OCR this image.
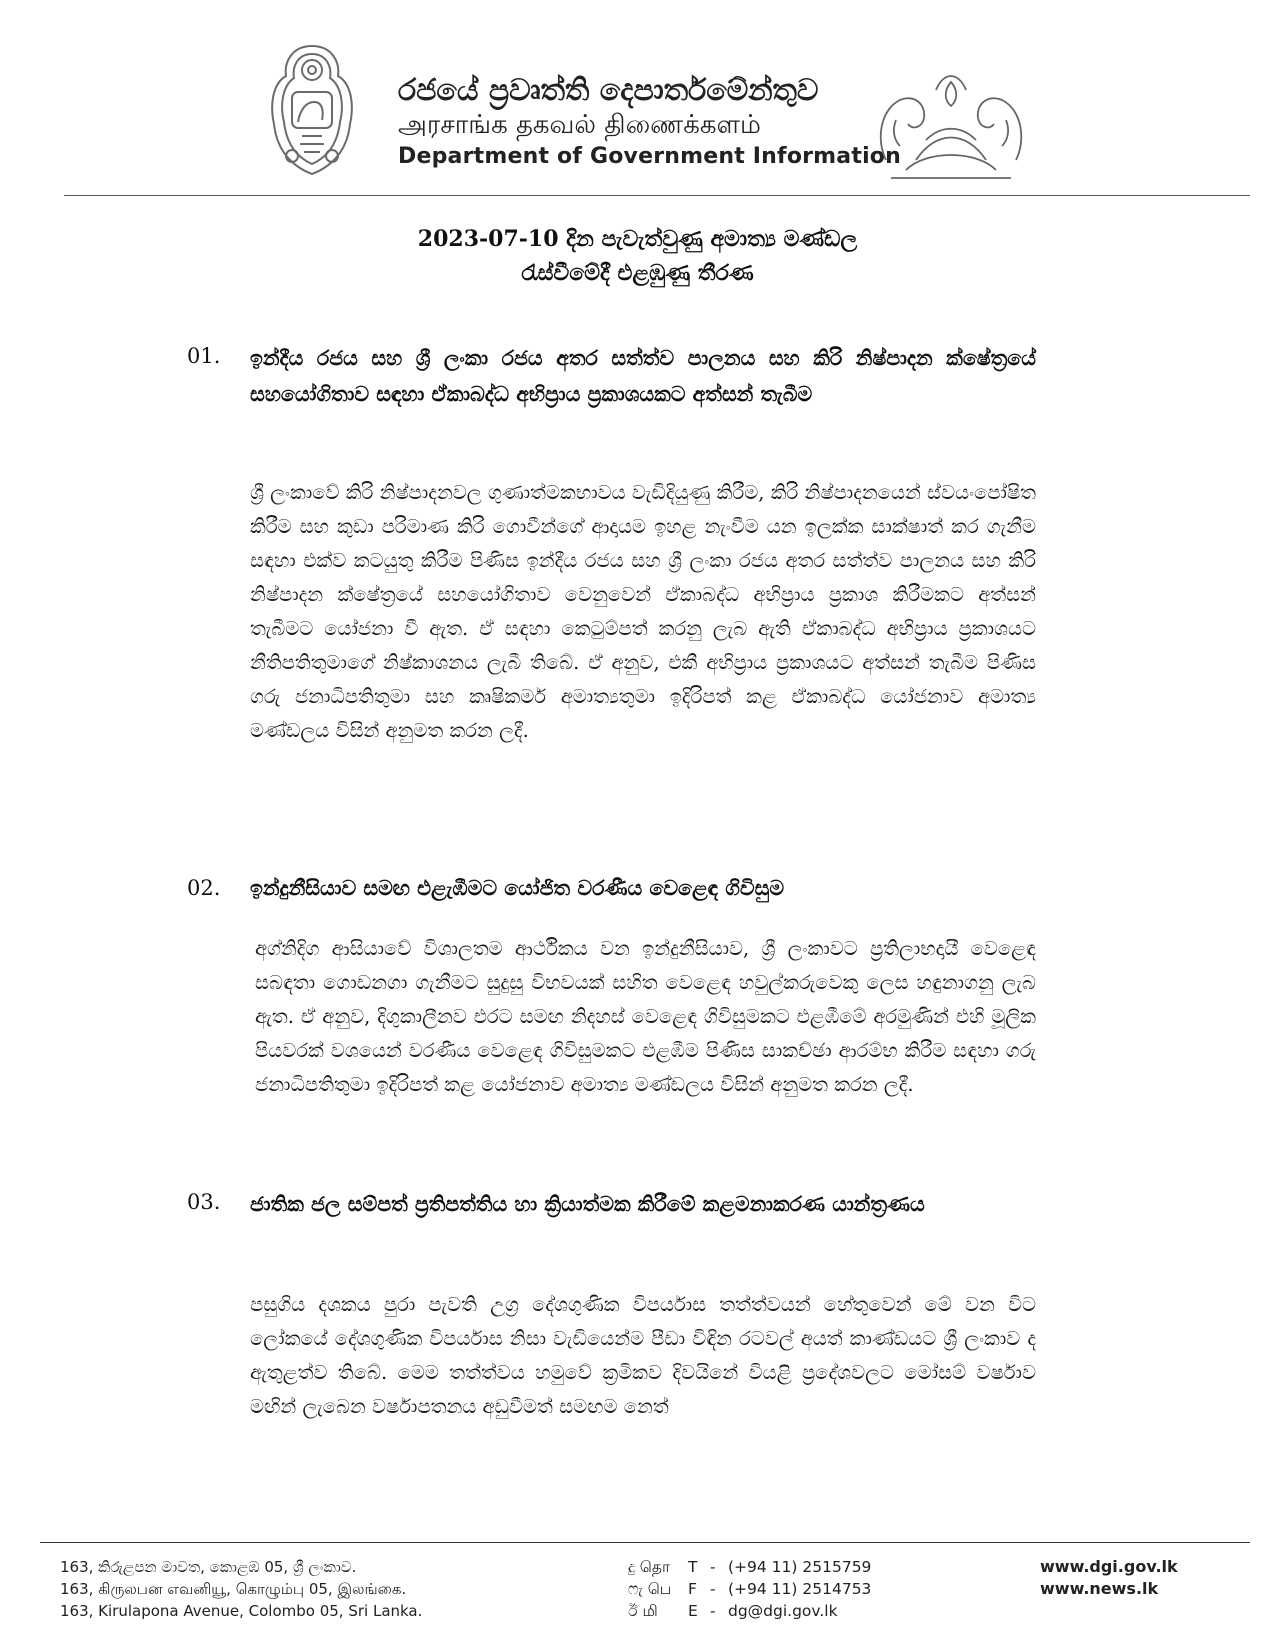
රජයේ ප්‍රවෘත්ති දෙපාර්තමේන්තුව
அரசாங்க தகவல் திணைக்களம்
Department of Government Information
2023-07-10 දින පැවැත්වුණු අමාත්‍ය මණ්ඩල
රැස්වීමේදී එළඹුණු තීරණ
01. ඉන්දීය රජය සහ ශ්‍රී ලංකා රජය අතර සත්ත්ව පාලනය සහ කිරි නිෂ්පාදන ක්ෂේත්‍රයේ සහයෝගිතාව සඳහා ඒකාබද්ධ අභිප්‍රාය ප්‍රකාශයකට අත්සන් තැබීම
ශ්‍රී ලංකාවේ කිරි නිෂ්පාදනවල ගුණාත්මකභාවය වැඩිදියුණු කිරීම, කිරි නිෂ්පාදනයෙන් ස්වයංපෝෂිත කිරීම සහ කුඩා පරිමාණ කිරි ගොවීන්ගේ ආදායම ඉහළ නැංවීම යන ඉලක්ක සාක්ෂාත් කර ගැනීම සඳහා එක්ව කටයුතු කිරීම පිණිස ඉන්දීය රජය සහ ශ්‍රී ලංකා රජය අතර සත්ත්ව පාලනය සහ කිරි නිෂ්පාදන ක්ෂේත්‍රයේ සහයෝගිතාව වෙනුවෙන් ඒකාබද්ධ අභිප්‍රාය ප්‍රකාශ කිරීමකට අත්සන් තැබීමට යෝජනා වී ඇත. ඒ සඳහා කෙටුම්පත් කරනු ලැබ ඇති ඒකාබද්ධ අභිප්‍රාය ප්‍රකාශයට නීතිපතිතුමාගේ නිෂ්කාශනය ලැබී තිබේ. ඒ අනුව, එකී අභිප්‍රාය ප්‍රකාශයට අත්සන් තැබීම පිණිස ගරු ජනාධිපතිතුමා සහ කෘෂිකර්ම අමාත්‍යතුමා ඉදිරිපත් කළ ඒකාබද්ධ යෝජනාව අමාත්‍ය මණ්ඩලය විසින් අනුමත කරන ලදී.
02. ඉන්දුනීසියාව සමඟ එළැඹීමට යෝජිත වරණීය වෙළෙඳ ගිවිසුම
අග්නිදිග ආසියාවේ විශාලතම ආර්ථිකය වන ඉන්දුනීසියාව, ශ්‍රී ලංකාවට ප්‍රතිලාභදායී වෙළෙඳ සබඳතා ගොඩනගා ගැනීමට සුදුසු විභවයක් සහිත වෙළෙඳ හවුල්කරුවෙකු ලෙස හඳුනාගනු ලැබ ඇත. ඒ අනුව, දිගුකාලීනව එරට සමඟ නිදහස් වෙළෙඳ ගිවිසුමකට එළඹීමේ අරමුණින් එහි මූලික පියවරක් වශයෙන් වරණීය වෙළෙඳ ගිවිසුමකට එළඹීම පිණිස සාකච්ඡා ආරම්භ කිරීම සඳහා ගරු ජනාධිපතිතුමා ඉදිරිපත් කළ යෝජනාව අමාත්‍ය මණ්ඩලය විසින් අනුමත කරන ලදී.
03. ජාතික ජල සම්පත් ප්‍රතිපත්තිය හා ක්‍රියාත්මක කිරීමේ කළමනාකරණ යාන්ත්‍රණය
පසුගිය දශකය පුරා පැවති උග්‍ර දේශගුණික විපර්යාස තත්ත්වයන් හේතුවෙන් මේ වන විට ලෝකයේ දේශගුණික විපර්යාස නිසා වැඩියෙන්ම පීඩා විඳින රටවල් අයත් කාණ්ඩයට ශ්‍රී ලංකාව ද ඇතුළත්ව තිබේ. මෙම තත්ත්වය හමුවේ ක්‍රමිකව දිවයිනේ වියළි ප්‍රදේශවලට මෝසම් වර්ෂාව මඟින් ලැබෙන වර්ෂාපතනය අඩුවීමත් සමඟම නෙත්
163, කිරුළපන මාවත, කොළඹ 05, ශ්‍රී ලංකාව.
163, கிருலபன எவனியூ, கொழும்பு 05, இலங்கை.
163, Kirulapona Avenue, Colombo 05, Sri Lanka.
දු தொ T - (+94 11) 2515759
ෆැ பெ F - (+94 11) 2514753
ඊ மி E - dg@dgi.gov.lk
www.dgi.gov.lk
www.news.lk
